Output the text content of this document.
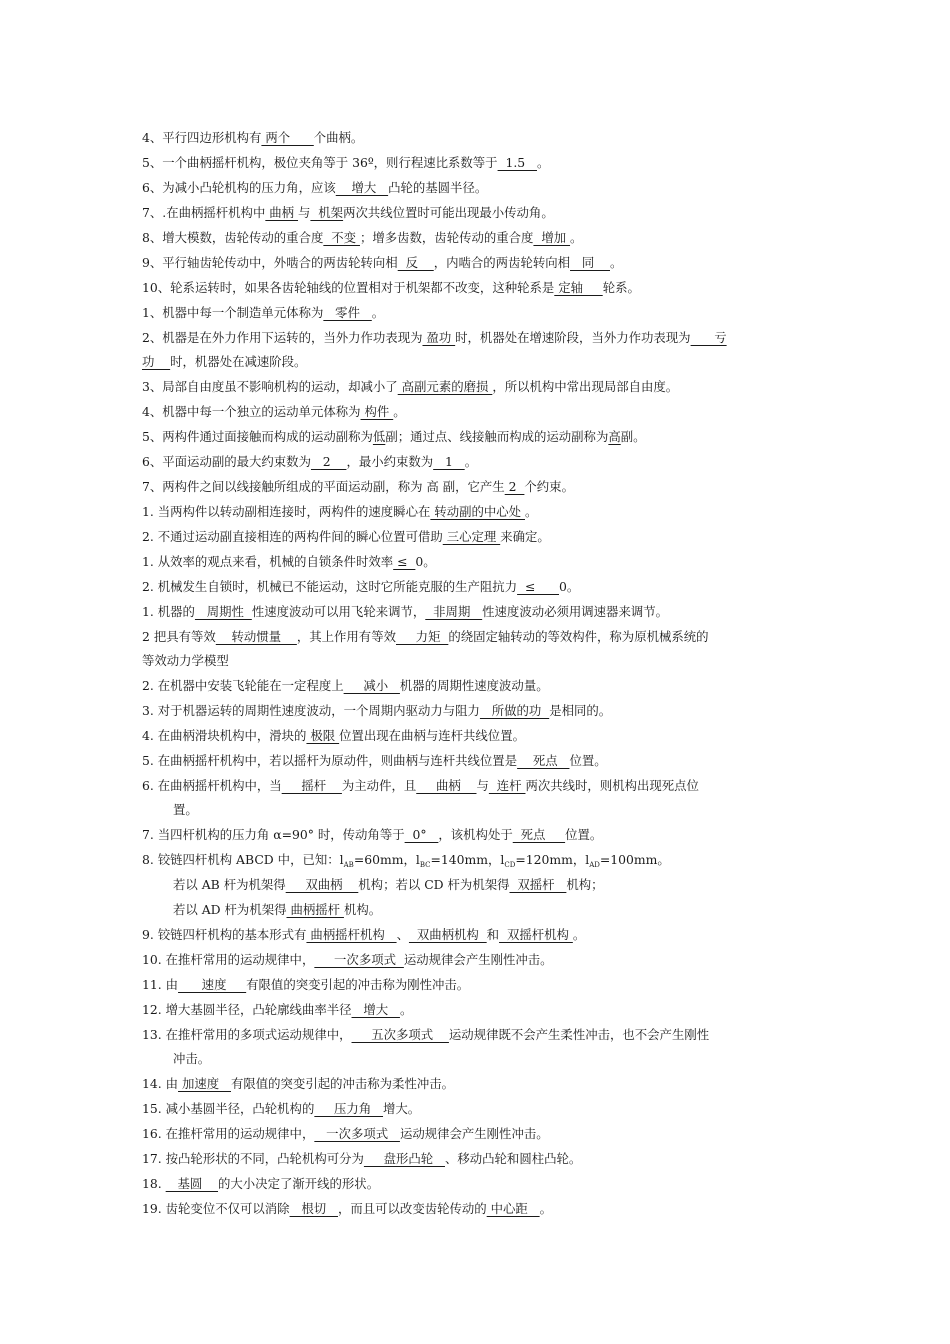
4、平行四边形机构有 两个      个曲柄。
5、一个曲柄摇杆机构，极位夹角等于 36º，则行程速比系数等于  1.5   。
6、为减小凸轮机构的压力角，应该    增大   凸轮的基圆半径。
7、.在曲柄摇杆机构中 曲柄 与  机架两次共线位置时可能出现最小传动角。
8、增大模数，齿轮传动的重合度  不变 ；增多齿数，齿轮传动的重合度  增加 。
9、平行轴齿轮传动中，外啮合的两齿轮转向相  反    ，内啮合的两齿轮转向相   同    。
10、轮系运转时，如果各齿轮轴线的位置相对于机架都不改变，这种轮系是 定轴     轮系。
1、机器中每一个制造单元体称为   零件   。
2、机器是在外力作用下运转的，当外力作功表现为 盈功 时，机器处在增速阶段，当外力作功表现为      亏
功    时，机器处在减速阶段。
3、局部自由度虽不影响机构的运动，却减小了 高副元素的磨损 ，所以机构中常出现局部自由度。
4、机器中每一个独立的运动单元体称为 构件 。
5、两构件通过面接触而构成的运动副称为低副；通过点、线接触而构成的运动副称为高副。
6、平面运动副的最大约束数为   2    ，最小约束数为   1   。
7、两构件之间以线接触所组成的平面运动副，称为 高 副，它产生 2  个约束。
1. 当两构件以转动副相连接时，两构件的速度瞬心在 转动副的中心处 。
2. 不通过运动副直接相连的两构件间的瞬心位置可借助 三心定理 来确定。
1. 从效率的观点来看，机械的自锁条件时效率 ≤  0。
2. 机械发生自锁时，机械已不能运动，这时它所能克服的生产阻抗力  ≤      0。
1. 机器的   周期性  性速度波动可以用飞轮来调节，  非周期   性速度波动必须用调速器来调节。
2 把具有等效    转动惯量    ，其上作用有等效     力矩  的绕固定轴转动的等效构件，称为原机械系统的
等效动力学模型
2. 在机器中安装飞轮能在一定程度上     减小   机器的周期性速度波动量。
3. 对于机器运转的周期性速度波动，一个周期内驱动力与阻力   所做的功  是相同的。
4. 在曲柄滑块机构中，滑块的 极限 位置出现在曲柄与连杆共线位置。
5. 在曲柄摇杆机构中，若以摇杆为原动件，则曲柄与连杆共线位置是    死点   位置。
6. 在曲柄摇杆机构中，当     摇杆    为主动件，且     曲柄    与  连杆 两次共线时，则机构出现死点位
置。
7. 当四杆机构的压力角 α=90° 时，传动角等于  0°   ，该机构处于  死点     位置。
8. 铰链四杆机构 ABCD 中，已知：$l_{AB}=60mm$，$l_{BC}=140mm$，$l_{CD}=120mm$，$l_{AD}=100mm$。
若以 AB 杆为机架得     双曲柄    机构；若以 CD 杆为机架得  双摇杆   机构；
若以 AD 杆为机架得 曲柄摇杆 机构。
9. 铰链四杆机构的基本形式有 曲柄摇杆机构   、  双曲柄机构  和  双摇杆机构 。
10. 在推杆常用的运动规律中，     一次多项式  运动规律会产生刚性冲击。
11. 由      速度     有限值的突变引起的冲击称为刚性冲击。
12. 增大基圆半径，凸轮廓线曲率半径   增大   。
13. 在推杆常用的多项式运动规律中，     五次多项式    运动规律既不会产生柔性冲击，也不会产生刚性
冲击。
14. 由 加速度   有限值的突变引起的冲击称为柔性冲击。
15. 减小基圆半径，凸轮机构的     压力角   增大。
16. 在推杆常用的运动规律中，   一次多项式   运动规律会产生刚性冲击。
17. 按凸轮形状的不同，凸轮机构可分为     盘形凸轮   、移动凸轮和圆柱凸轮。
18.    基圆    的大小决定了渐开线的形状。
19. 齿轮变位不仅可以消除   根切   ，而且可以改变齿轮传动的 中心距   。
